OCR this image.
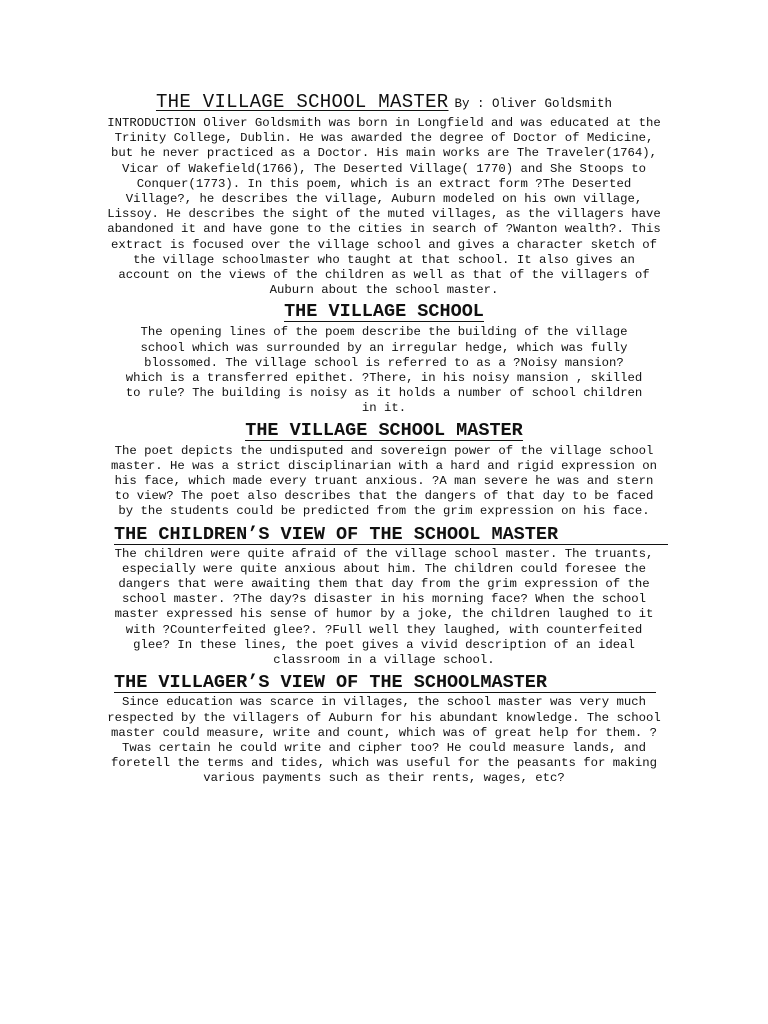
THE VILLAGE SCHOOL MASTER By : Oliver Goldsmith

INTRODUCTION Oliver Goldsmith was born in Longfield and was educated at the Trinity College, Dublin. He was awarded the degree of Doctor of Medicine, but he never practiced as a Doctor. His main works are The Traveler(1764), Vicar of Wakefield(1766), The Deserted Village( 1770) and She Stoops to Conquer(1773). In this poem, which is an extract form ?The Deserted Village?, he describes the village, Auburn modeled on his own village, Lissoy. He describes the sight of the muted villages, as the villagers have abandoned it and have gone to the cities in search of ?Wanton wealth?. This extract is focused over the village school and gives a character sketch of the village schoolmaster who taught at that school. It also gives an account on the views of the children as well as that of the villagers of Auburn about the school master.

THE VILLAGE SCHOOL

The opening lines of the poem describe the building of the village school which was surrounded by an irregular hedge, which was fully blossomed. The village school is referred to as a ?Noisy mansion? which is a transferred epithet. ?There, in his noisy mansion , skilled to rule? The building is noisy as it holds a number of school children in it.

THE VILLAGE SCHOOL MASTER

The poet depicts the undisputed and sovereign power of the village school master. He was a strict disciplinarian with a hard and rigid expression on his face, which made every truant anxious. ?A man severe he was and stern to view? The poet also describes that the dangers of that day to be faced by the students could be predicted from the grim expression on his face.

THE CHILDREN’S VIEW OF THE SCHOOL MASTER

The children were quite afraid of the village school master. The truants, especially were quite anxious about him. The children could foresee the dangers that were awaiting them that day from the grim expression of the school master. ?The day?s disaster in his morning face? When the school master expressed his sense of humor by a joke, the children laughed to it with ?Counterfeited glee?. ?Full well they laughed, with counterfeited glee? In these lines, the poet gives a vivid description of an ideal classroom in a village school.

THE VILLAGER’S VIEW OF THE SCHOOLMASTER

Since education was scarce in villages, the school master was very much respected by the villagers of Auburn for his abundant knowledge. The school master could measure, write and count, which was of great help for them. ?Twas certain he could write and cipher too? He could measure lands, and foretell the terms and tides, which was useful for the peasants for making various payments such as their rents, wages, etc?
